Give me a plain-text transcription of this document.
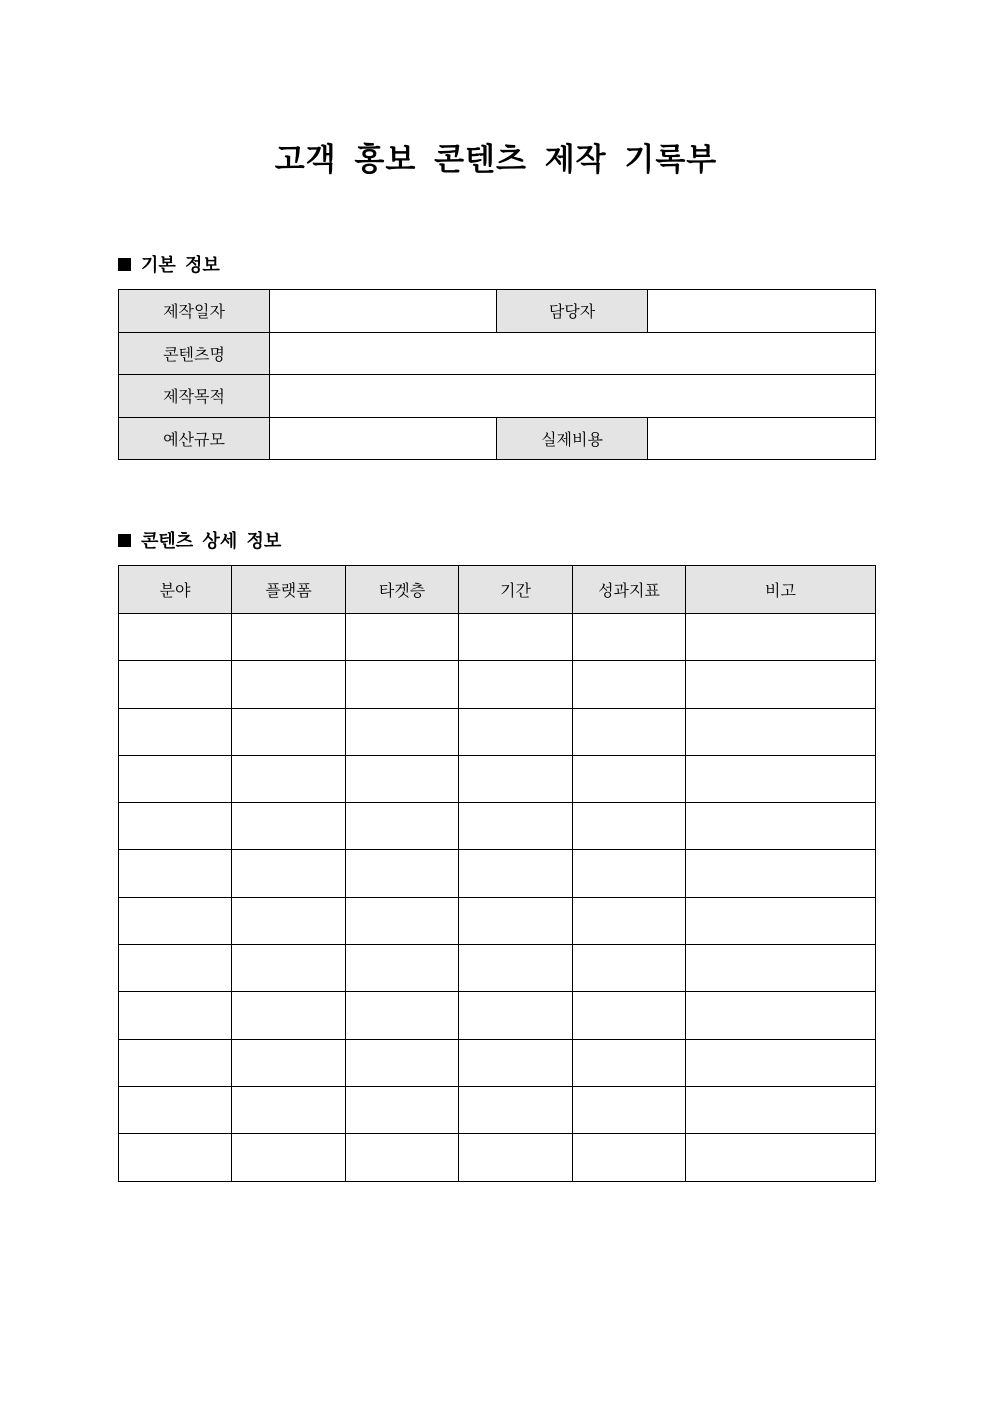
고객 홍보 콘텐츠 제작 기록부
기본 정보
제작일자		담당자	
콘텐츠명			
제작목적			
예산규모		실제비용	
콘텐츠 상세 정보
분야	플랫폼	타겟층	기간	성과지표	비고
